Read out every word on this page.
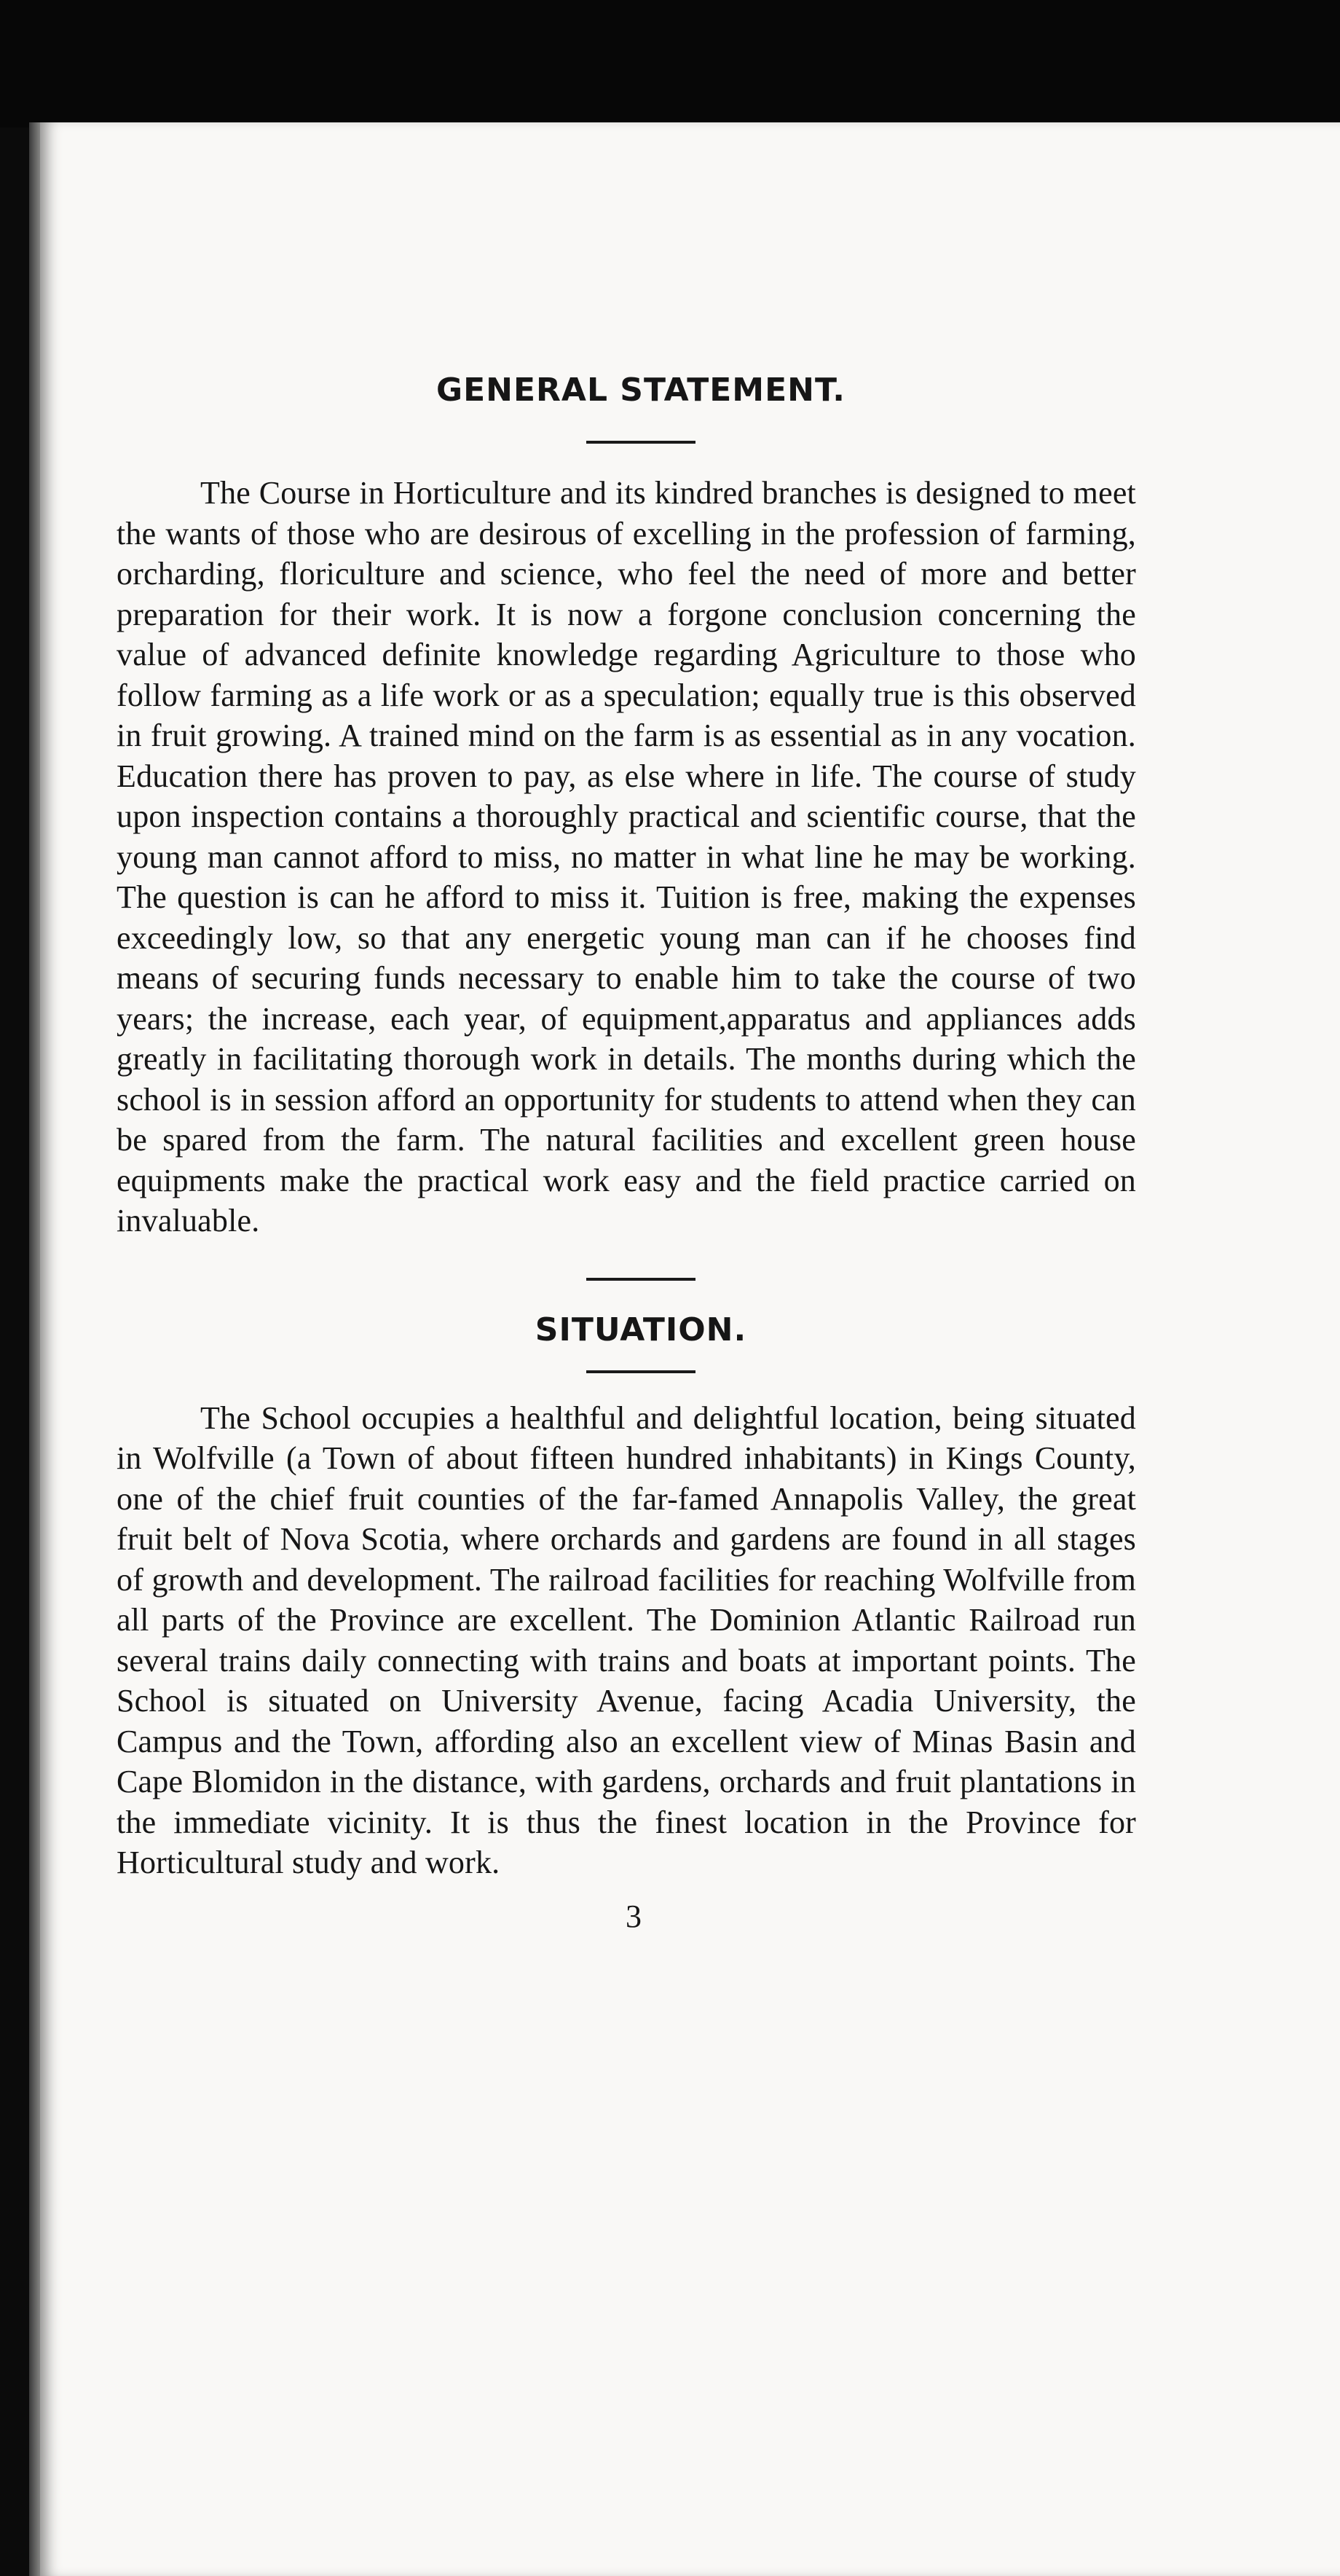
GENERAL STATEMENT.

The Course in Horticulture and its kindred branches is designed to meet the wants of those who are desirous of excelling in the profession of farming, orcharding, floriculture and science, who feel the need of more and better preparation for their work. It is now a forgone conclusion concerning the value of advanced definite knowledge regarding Agriculture to those who follow farming as a life work or as a speculation; equally true is this observed in fruit growing. A trained mind on the farm is as essential as in any vocation. Education there has proven to pay, as else where in life. The course of study upon inspection contains a thoroughly practical and scientific course, that the young man cannot afford to miss, no matter in what line he may be working. The question is can he afford to miss it. Tuition is free, making the expenses exceedingly low, so that any energetic young man can if he chooses find means of securing funds necessary to enable him to take the course of two years; the increase, each year, of equipment,apparatus and appliances adds greatly in facilitating thorough work in details. The months during which the school is in session afford an opportunity for students to attend when they can be spared from the farm. The natural facilities and excellent green house equipments make the practical work easy and the field practice carried on invaluable.

SITUATION.

The School occupies a healthful and delightful location, being situated in Wolfville (a Town of about fifteen hundred inhabitants) in Kings County, one of the chief fruit counties of the far-famed Annapolis Valley, the great fruit belt of Nova Scotia, where orchards and gardens are found in all stages of growth and development. The railroad facilities for reaching Wolfville from all parts of the Province are excellent. The Dominion Atlantic Railroad run several trains daily connecting with trains and boats at important points. The School is situated on University Avenue, facing Acadia University, the Campus and the Town, affording also an excellent view of Minas Basin and Cape Blomidon in the distance, with gardens, orchards and fruit plantations in the immediate vicinity. It is thus the finest location in the Province for Horticultural study and work.

3
